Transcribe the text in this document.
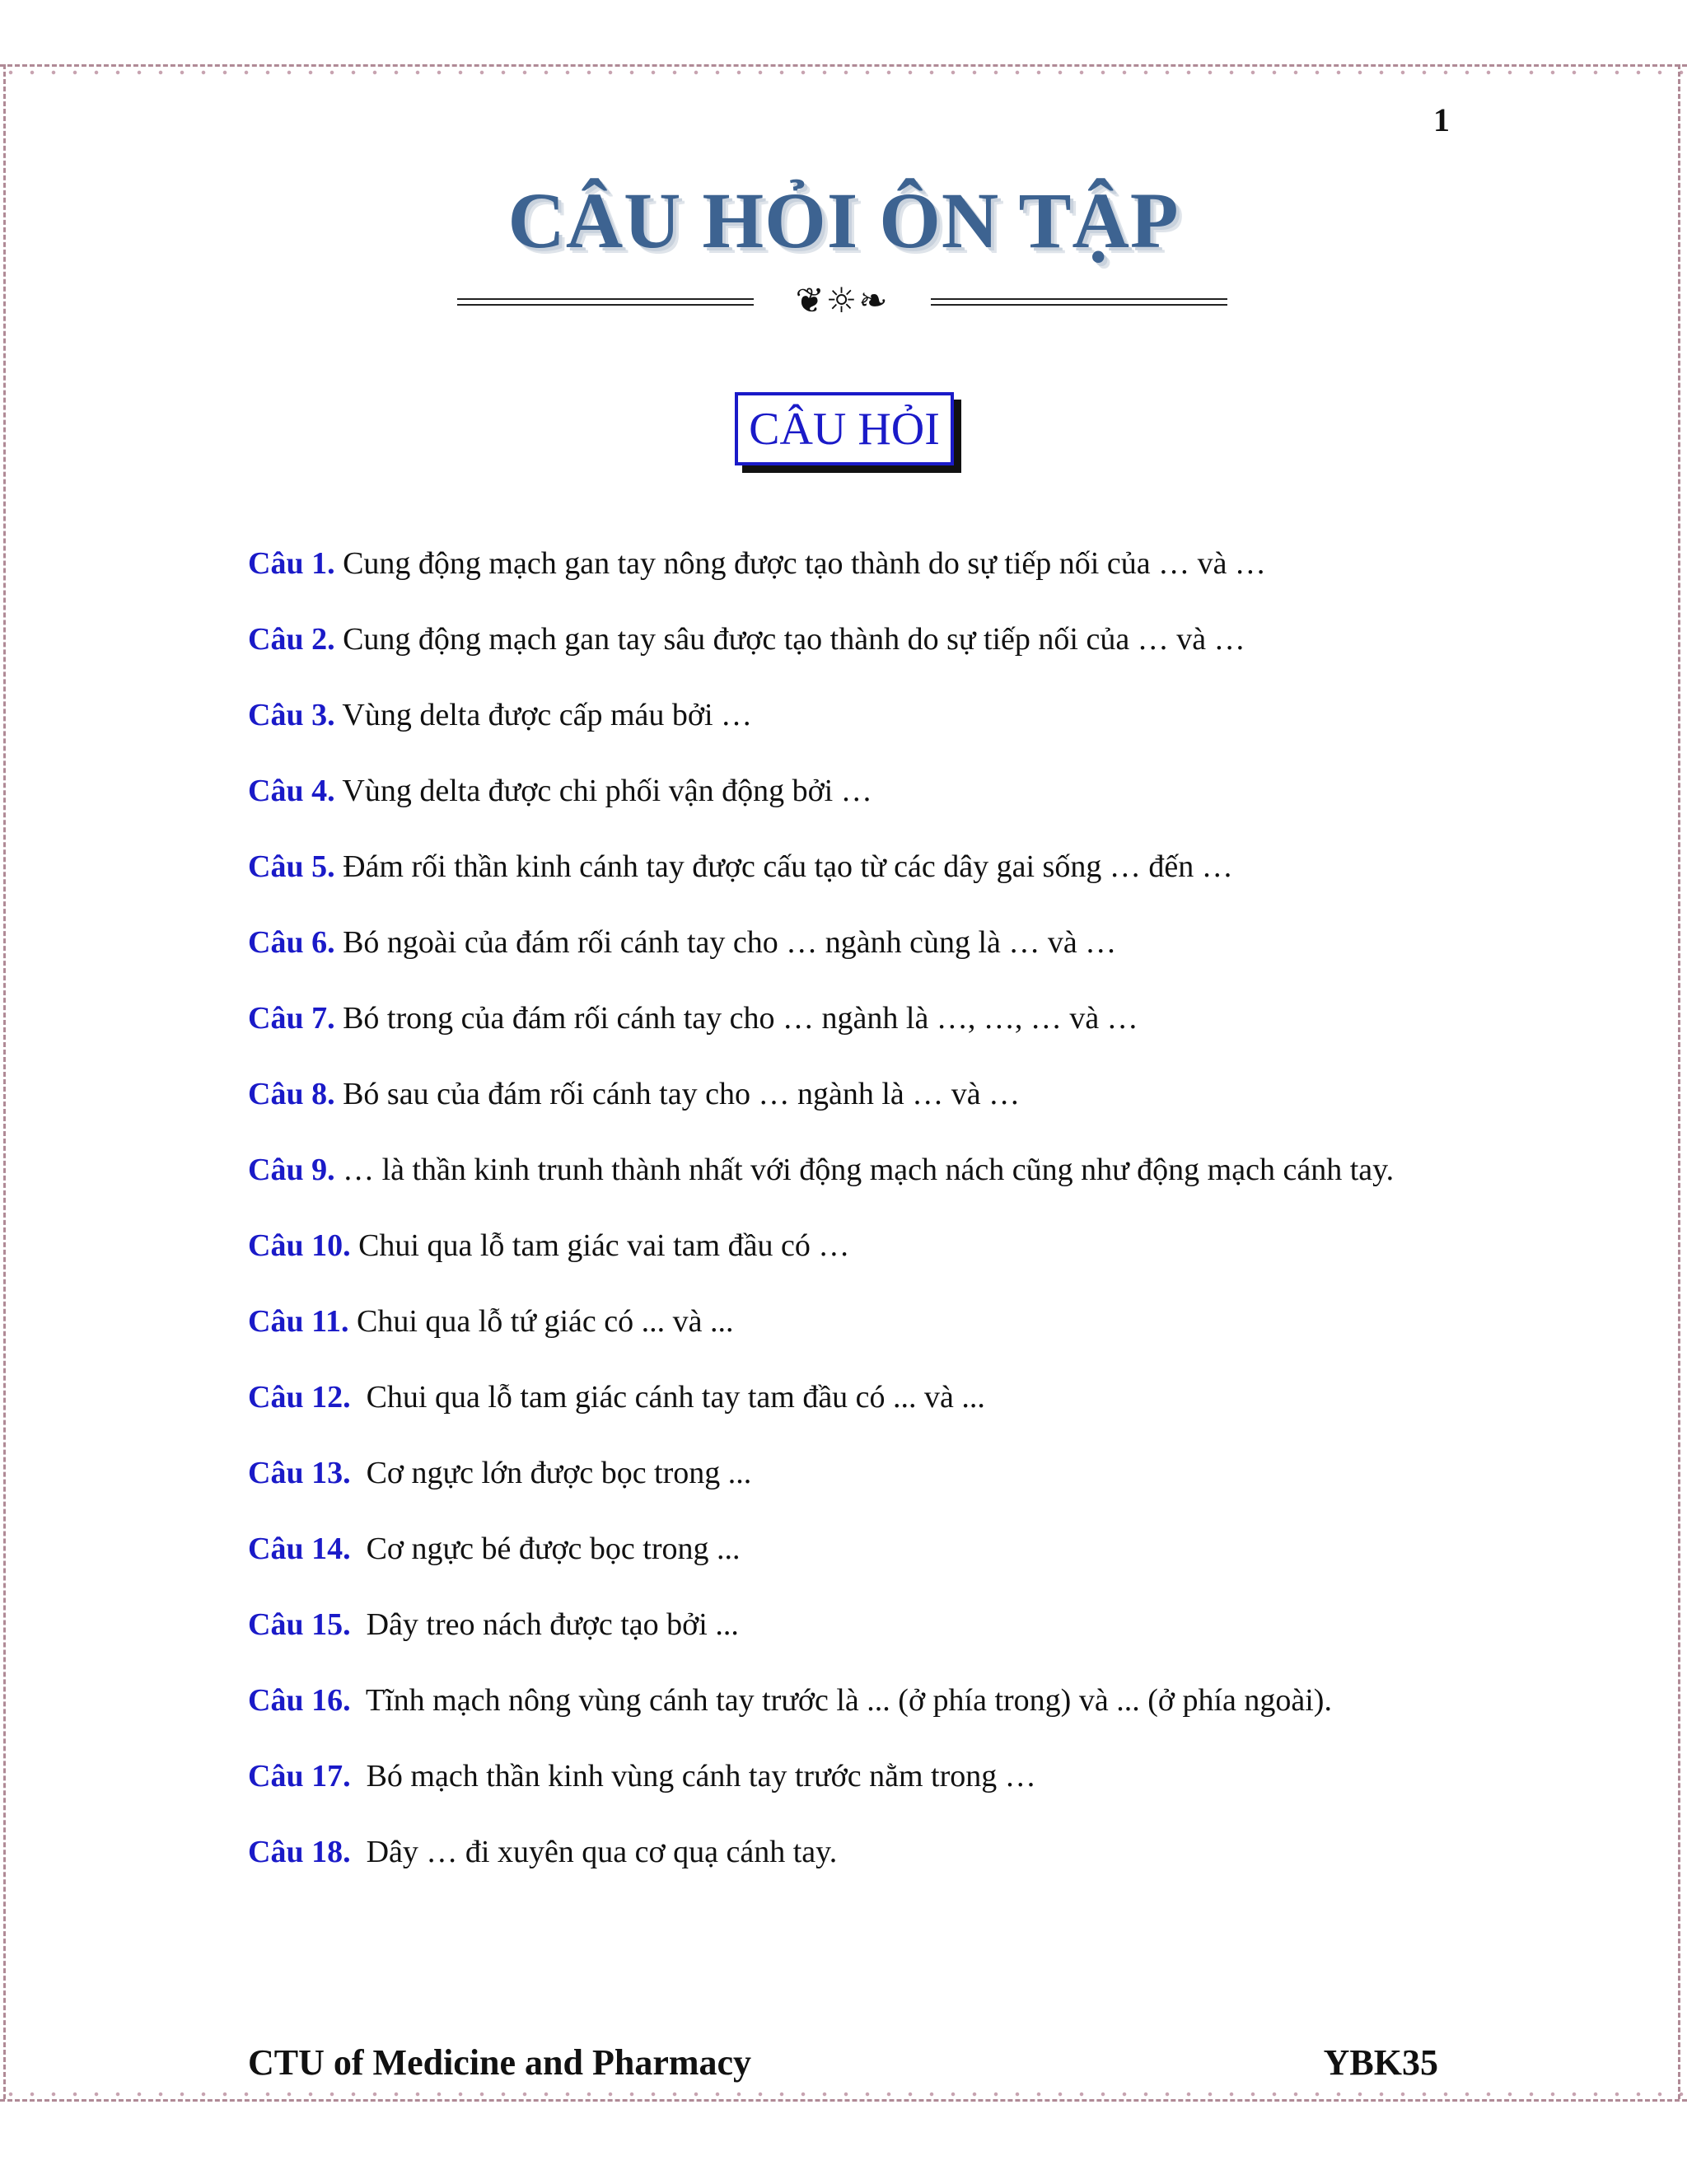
1
CÂU HỎI ÔN TẬP
❦☼❧
CÂU HỎI
Câu 1. Cung động mạch gan tay nông được tạo thành do sự tiếp nối của … và …
Câu 2. Cung động mạch gan tay sâu được tạo thành do sự tiếp nối của … và …
Câu 3. Vùng delta được cấp máu bởi …
Câu 4. Vùng delta được chi phối vận động bởi …
Câu 5. Đám rối thần kinh cánh tay được cấu tạo từ các dây gai sống … đến …
Câu 6. Bó ngoài của đám rối cánh tay cho … ngành cùng là … và …
Câu 7. Bó trong của đám rối cánh tay cho … ngành là …, …, … và …
Câu 8. Bó sau của đám rối cánh tay cho … ngành là … và …
Câu 9. … là thần kinh trunh thành nhất với động mạch nách cũng như động mạch cánh tay.
Câu 10. Chui qua lỗ tam giác vai tam đầu có …
Câu 11. Chui qua lỗ tứ giác có ... và ...
Câu 12.  Chui qua lỗ tam giác cánh tay tam đầu có ... và ...
Câu 13.  Cơ ngực lớn được bọc trong ...
Câu 14.  Cơ ngực bé được bọc trong ...
Câu 15.  Dây treo nách được tạo bởi ...
Câu 16.  Tĩnh mạch nông vùng cánh tay trước là ... (ở phía trong) và ... (ở phía ngoài).
Câu 17.  Bó mạch thần kinh vùng cánh tay trước nằm trong …
Câu 18.  Dây … đi xuyên qua cơ quạ cánh tay.
CTU of Medicine and Pharmacy	YBK35
